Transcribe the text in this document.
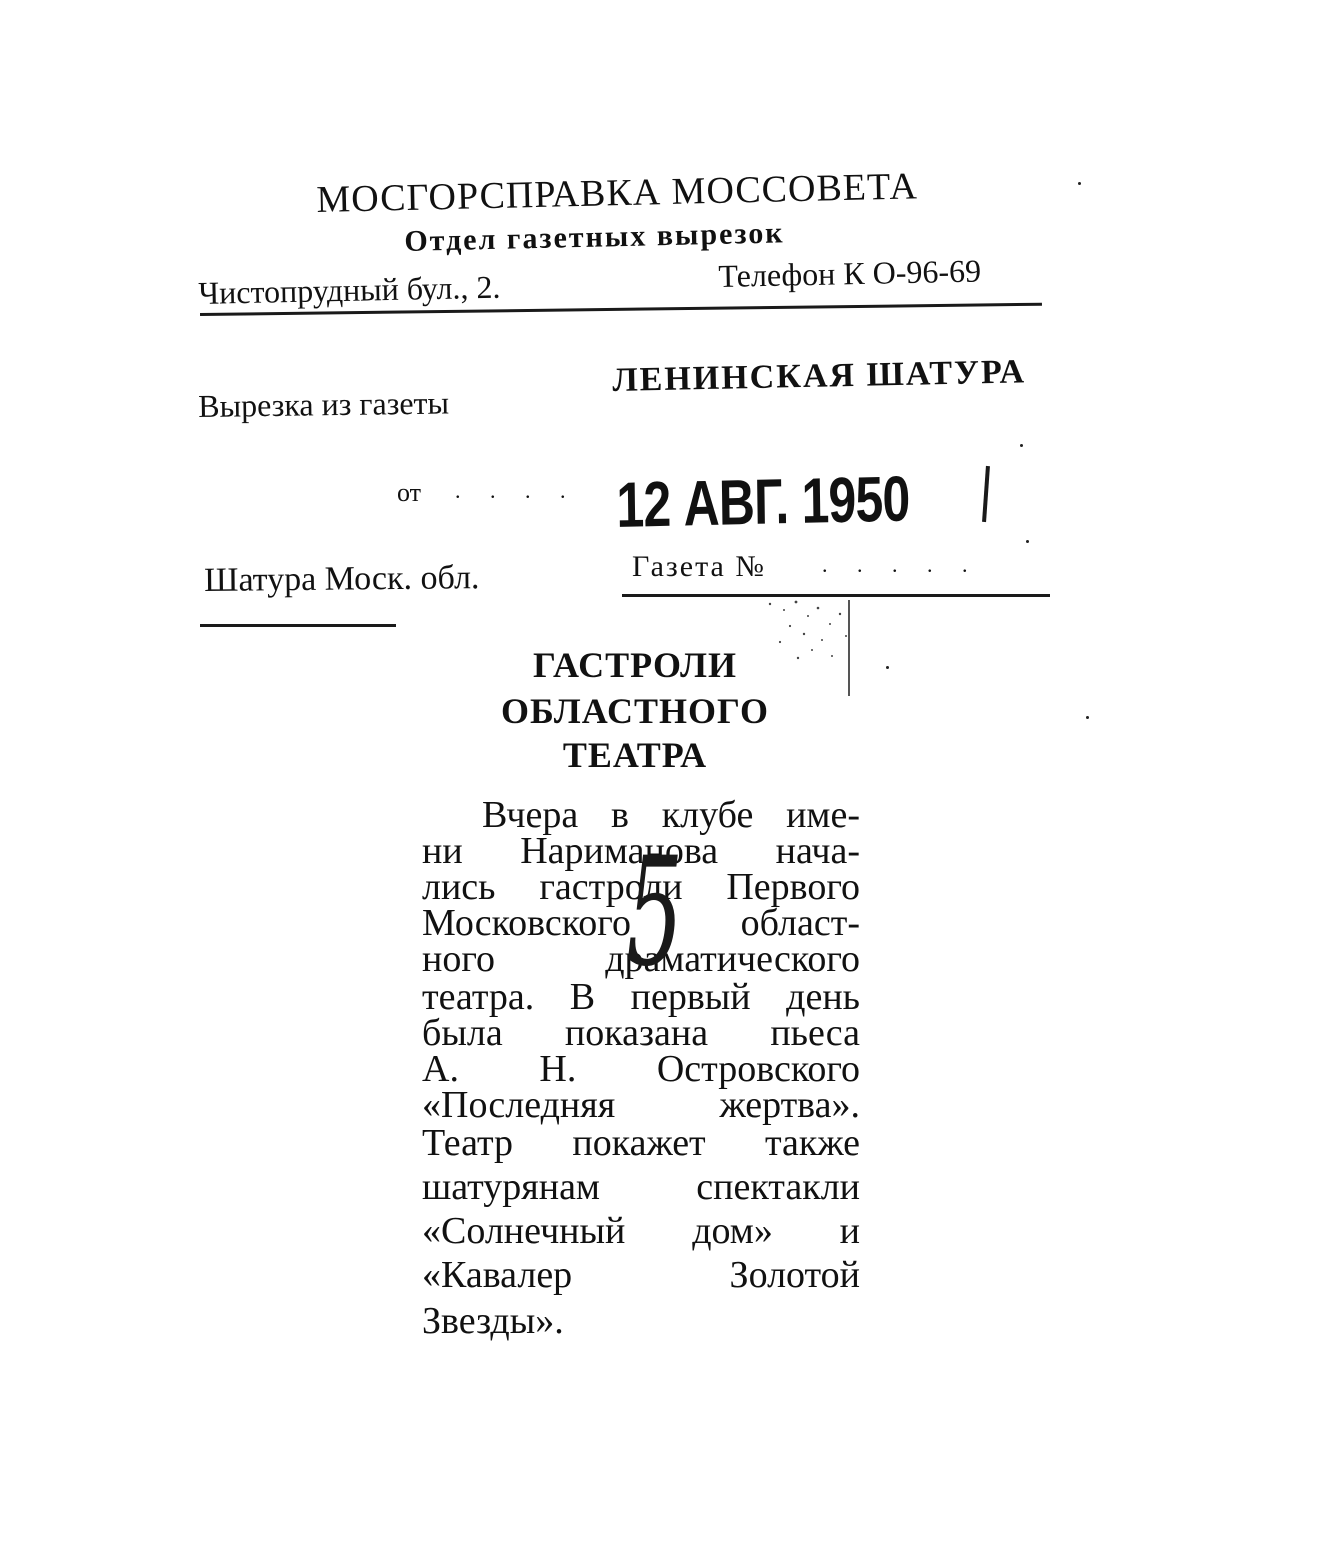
МОСГОРСПРАВКА МОССОВЕТА
Отдел газетных вырезок
Чистопрудный бул., 2.	Телефон К О-96-69
Вырезка из газеты
ЛЕНИНСКАЯ ШАТУРА
от . . . . 12 АВГ. 1950
Шатура Моск. обл.	Газета №	. . . . .
ГАСТРОЛИ
ОБЛАСТНОГО
ТЕАТРА
Вчера в клубе име-
ни Нариманова нача-
лись гастроли Первого
Московского област-
ного драматического
театра. В первый день
была показана пьеса
А. Н. Островского
«Последняя жертва».
Театр покажет также
шатурянам спектакли
«Солнечный дом» и
«Кавалер Золотой
Звезды».
5
